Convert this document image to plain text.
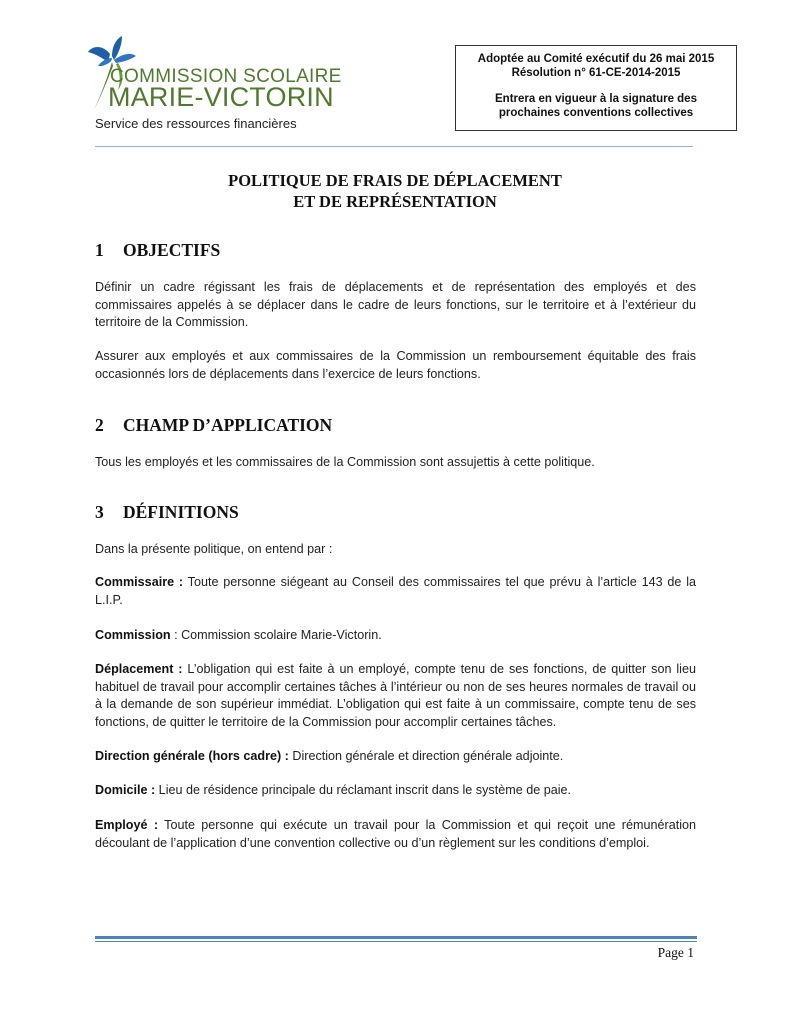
COMMISSION SCOLAIRE
MARIE-VICTORIN
Service des ressources financières
Adoptée au Comité exécutif du 26 mai 2015
Résolution n° 61-CE-2014-2015
Entrera en vigueur à la signature des
prochaines conventions collectives
POLITIQUE DE FRAIS DE DÉPLACEMENT
ET DE REPRÉSENTATION
1 OBJECTIFS
Définir un cadre régissant les frais de déplacements et de représentation des employés et des commissaires appelés à se déplacer dans le cadre de leurs fonctions, sur le territoire et à l’extérieur du territoire de la Commission.
Assurer aux employés et aux commissaires de la Commission un remboursement équitable des frais occasionnés lors de déplacements dans l’exercice de leurs fonctions.
2 CHAMP D’APPLICATION
Tous les employés et les commissaires de la Commission sont assujettis à cette politique.
3 DÉFINITIONS
Dans la présente politique, on entend par :
Commissaire : Toute personne siégeant au Conseil des commissaires tel que prévu à l’article 143 de la L.I.P.
Commission : Commission scolaire Marie-Victorin.
Déplacement : L’obligation qui est faite à un employé, compte tenu de ses fonctions, de quitter son lieu habituel de travail pour accomplir certaines tâches à l’intérieur ou non de ses heures normales de travail ou à la demande de son supérieur immédiat. L’obligation qui est faite à un commissaire, compte tenu de ses fonctions, de quitter le territoire de la Commission pour accomplir certaines tâches.
Direction générale (hors cadre) : Direction générale et direction générale adjointe.
Domicile : Lieu de résidence principale du réclamant inscrit dans le système de paie.
Employé : Toute personne qui exécute un travail pour la Commission et qui reçoit une rémunération découlant de l’application d’une convention collective ou d’un règlement sur les conditions d’emploi.
Page 1
